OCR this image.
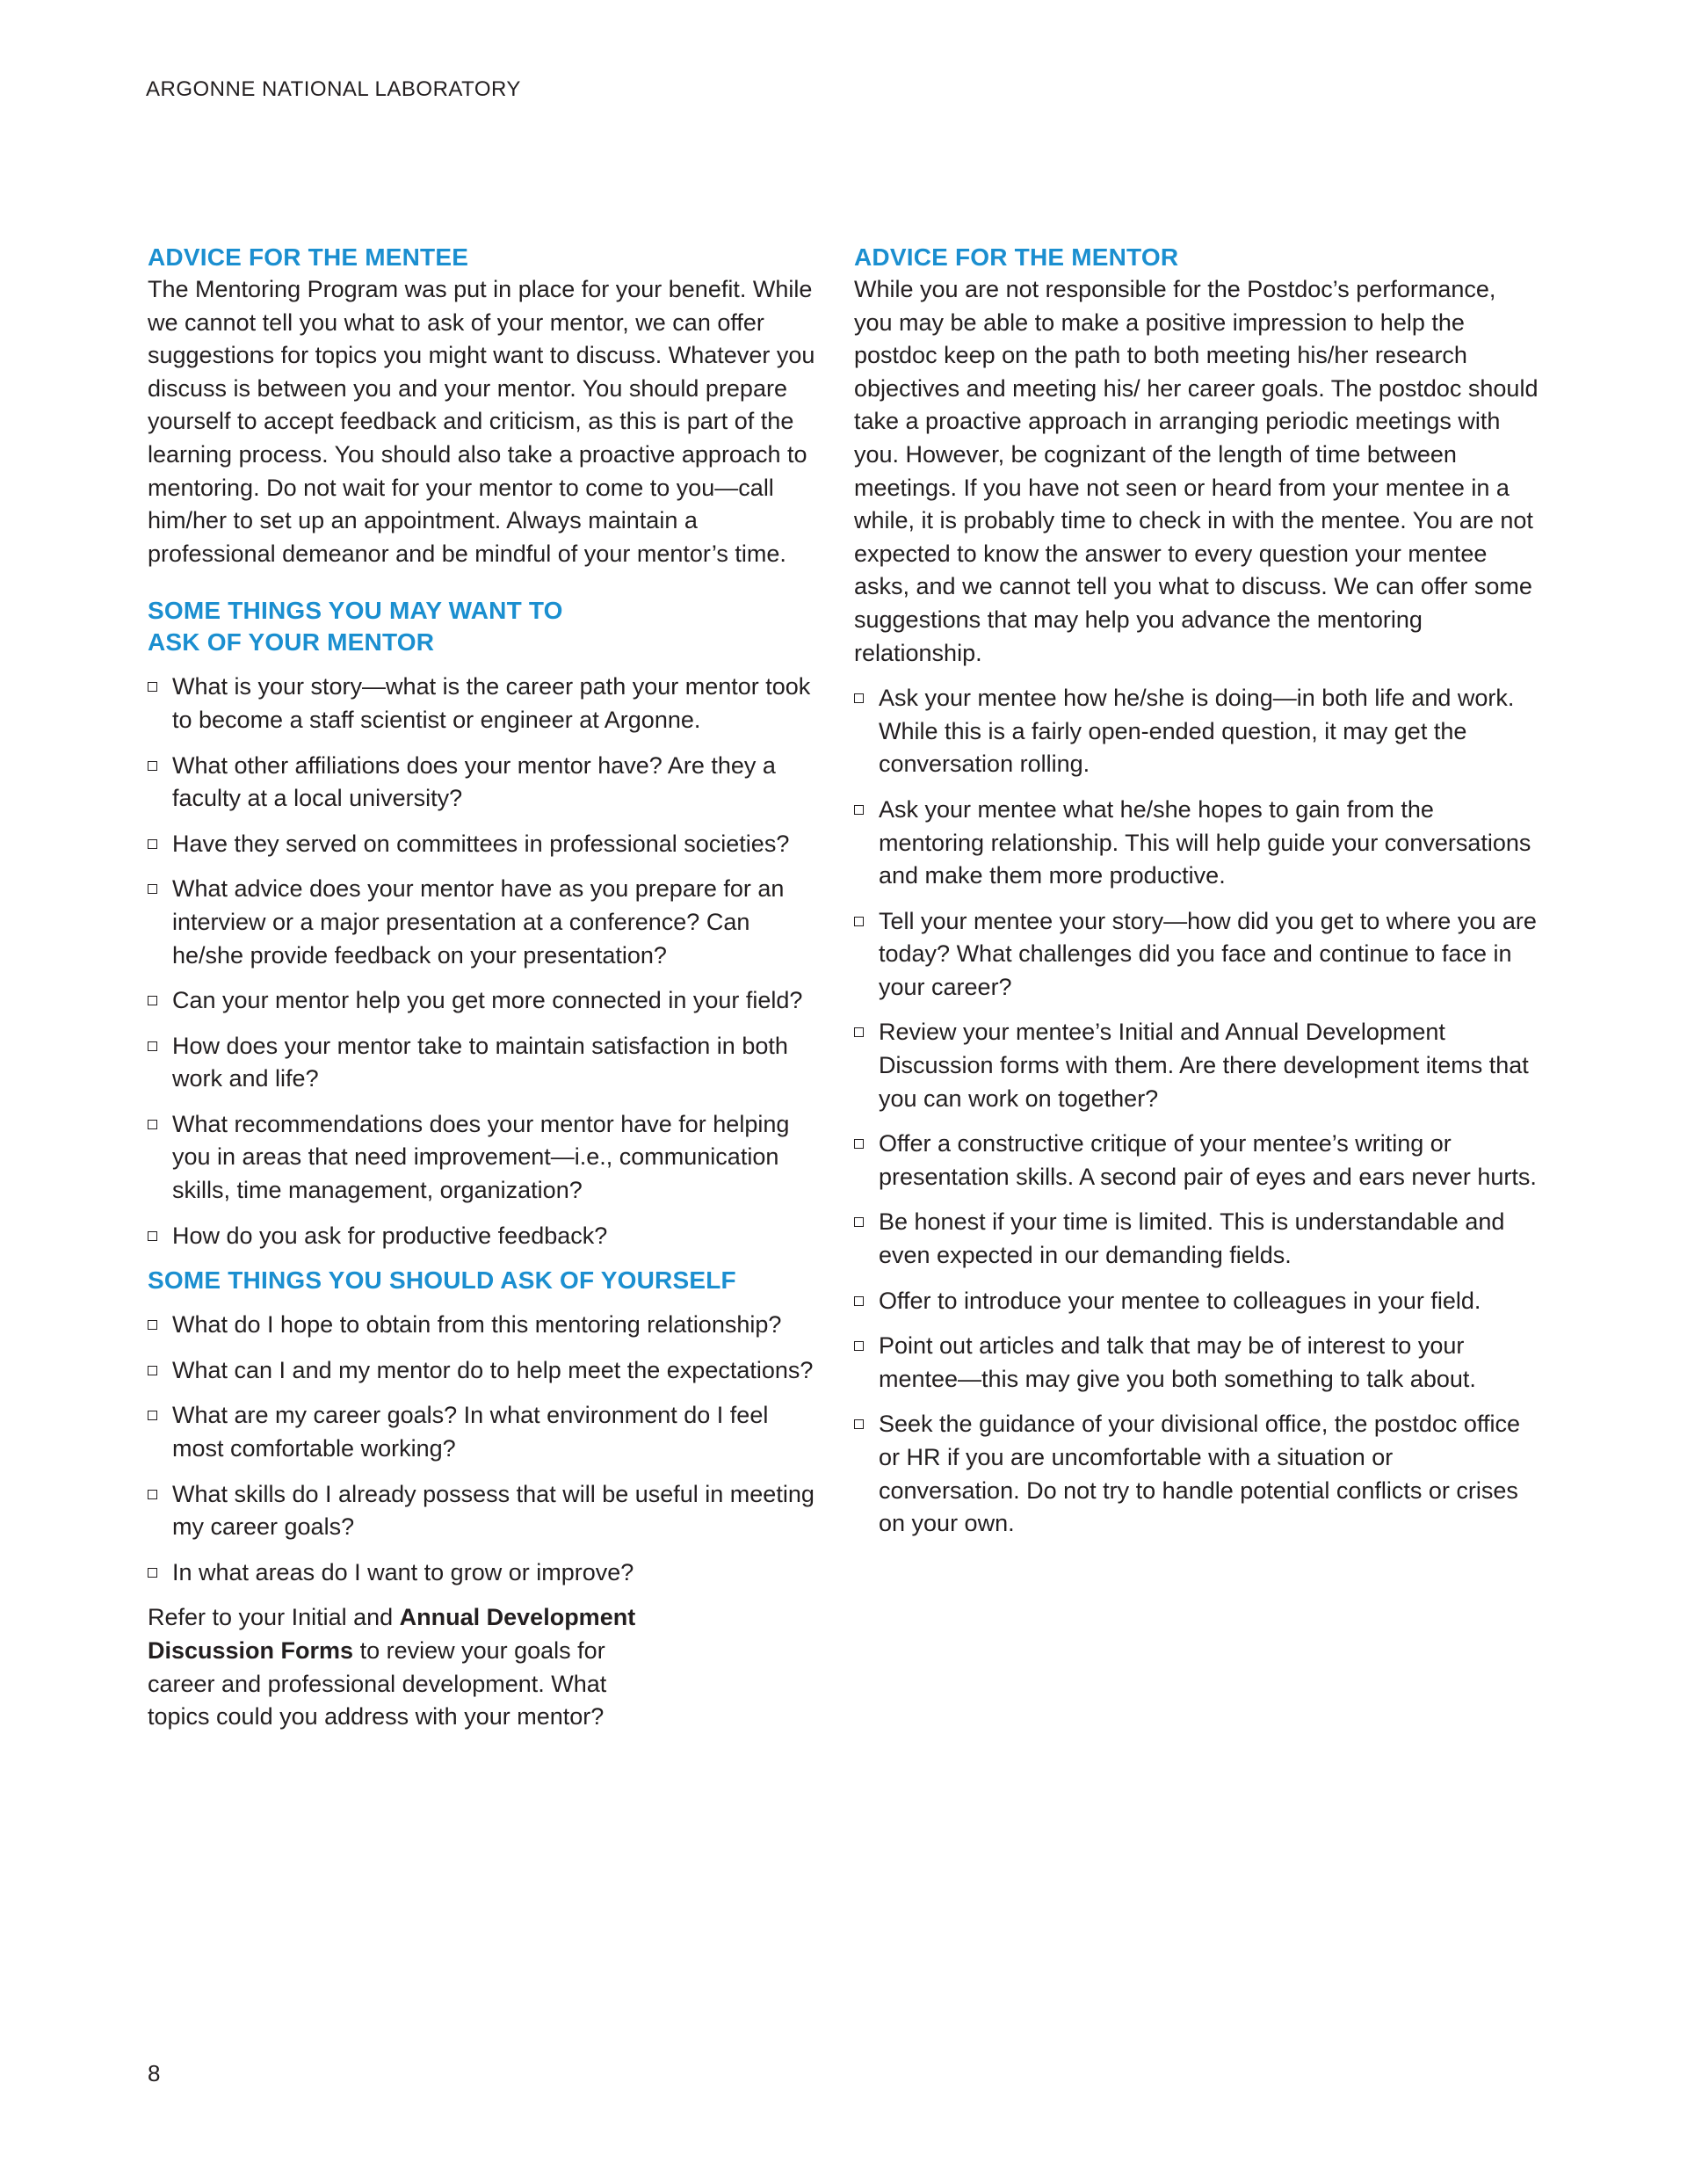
ARGONNE NATIONAL LABORATORY
ADVICE FOR THE MENTEE

The Mentoring Program was put in place for your benefit. While we cannot tell you what to ask of your mentor, we can offer suggestions for topics you might want to discuss. Whatever you discuss is between you and your mentor. You should prepare yourself to accept feedback and criticism, as this is part of the learning process. You should also take a proactive approach to mentoring. Do not wait for your mentor to come to you—call him/her to set up an appointment. Always maintain a professional demeanor and be mindful of your mentor’s time.

SOME THINGS YOU MAY WANT TO
ASK OF YOUR MENTOR
What is your story—what is the career path your mentor took to become a staff scientist or engineer at Argonne.
What other affiliations does your mentor have? Are they a faculty at a local university?
Have they served on committees in professional societies?
What advice does your mentor have as you prepare for an interview or a major presentation at a conference? Can he/she provide feedback on your presentation?
Can your mentor help you get more connected in your field?
How does your mentor take to maintain satisfaction in both work and life?
What recommendations does your mentor have for helping you in areas that need improvement—i.e., communication skills, time management, organization?
How do you ask for productive feedback?
SOME THINGS YOU SHOULD ASK OF YOURSELF
What do I hope to obtain from this mentoring relationship?
What can I and my mentor do to help meet the expectations?
What are my career goals? In what environment do I feel most comfortable working?
What skills do I already possess that will be useful in meeting my career goals?
In what areas do I want to grow or improve?

Refer to your Initial and Annual Development Discussion Forms to review your goals for career and professional development. What topics could you address with your mentor?

ADVICE FOR THE MENTOR

While you are not responsible for the Postdoc’s performance, you may be able to make a positive impression to help the postdoc keep on the path to both meeting his/her research objectives and meeting his/ her career goals. The postdoc should take a proactive approach in arranging periodic meetings with you. However, be cognizant of the length of time between meetings. If you have not seen or heard from your mentee in a while, it is probably time to check in with the mentee. You are not expected to know the answer to every question your mentee asks, and we cannot tell you what to discuss. We can offer some suggestions that may help you advance the mentoring relationship.

Ask your mentee how he/she is doing—in both life and work. While this is a fairly open-ended question, it may get the conversation rolling.
Ask your mentee what he/she hopes to gain from the mentoring relationship. This will help guide your conversations and make them more productive.
Tell your mentee your story—how did you get to where you are today? What challenges did you face and continue to face in your career?
Review your mentee’s Initial and Annual Development Discussion forms with them. Are there development items that you can work on together?
Offer a constructive critique of your mentee’s writing or presentation skills. A second pair of eyes and ears never hurts.
Be honest if your time is limited. This is understandable and even expected in our demanding fields.
Offer to introduce your mentee to colleagues in your field.
Point out articles and talk that may be of interest to your mentee—this may give you both something to talk about.
Seek the guidance of your divisional office, the postdoc office or HR if you are uncomfortable with a situation or conversation. Do not try to handle potential conflicts or crises on your own.
8
